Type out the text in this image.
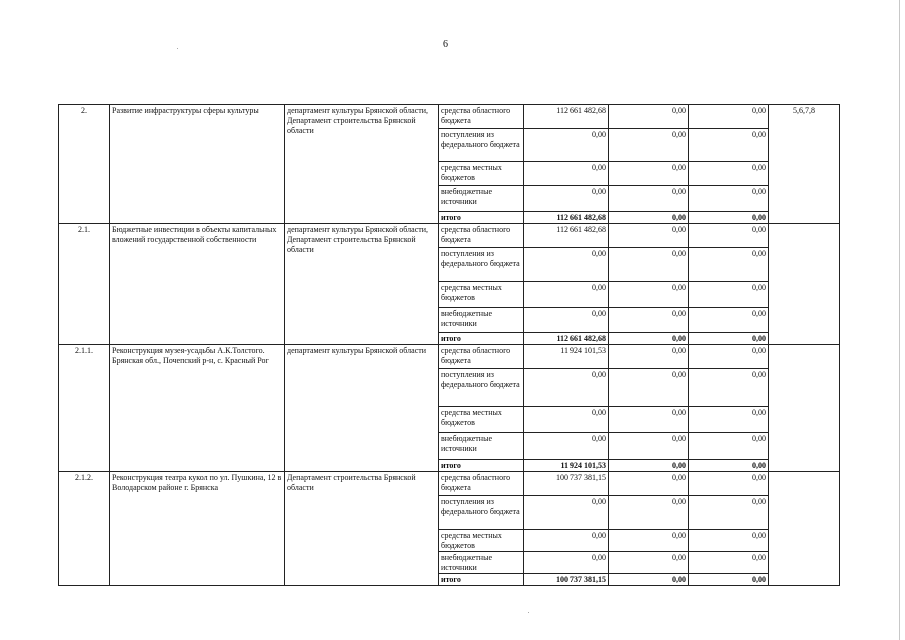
6
2.	Развитие инфраструктуры сферы культуры	департамент культуры Брянской области, Департамент строительства Брянской области	средства областного бюджета	112 661 482,68	0,00	0,00	5,6,7,8
			поступления из федерального бюджета	0,00	0,00	0,00	
			средства местных бюджетов	0,00	0,00	0,00	
			внебюджетные источники	0,00	0,00	0,00	
			итого	112 661 482,68	0,00	0,00	
2.1.	Бюджетные инвестиции в объекты капитальных вложений государственной собственности	департамент культуры Брянской области, Департамент строительства Брянской области	средства областного бюджета	112 661 482,68	0,00	0,00	
			поступления из федерального бюджета	0,00	0,00	0,00	
			средства местных бюджетов	0,00	0,00	0,00	
			внебюджетные источники	0,00	0,00	0,00	
			итого	112 661 482,68	0,00	0,00	
2.1.1.	Реконструкция музея-усадьбы А.К.Толстого. Брянская обл., Почепский р-н, с. Красный Рог	департамент культуры Брянской области	средства областного бюджета	11 924 101,53	0,00	0,00	
			поступления из федерального бюджета	0,00	0,00	0,00	
			средства местных бюджетов	0,00	0,00	0,00	
			внебюджетные источники	0,00	0,00	0,00	
			итого	11 924 101,53	0,00	0,00	
2.1.2.	Реконструкция театра кукол по ул. Пушкина, 12 в Володарском районе г. Брянска	Департамент строительства Брянской области	средства областного бюджета	100 737 381,15	0,00	0,00	
			поступления из федерального бюджета	0,00	0,00	0,00	
			средства местных бюджетов	0,00	0,00	0,00	
			внебюджетные источники	0,00	0,00	0,00	
			итого	100 737 381,15	0,00	0,00	
